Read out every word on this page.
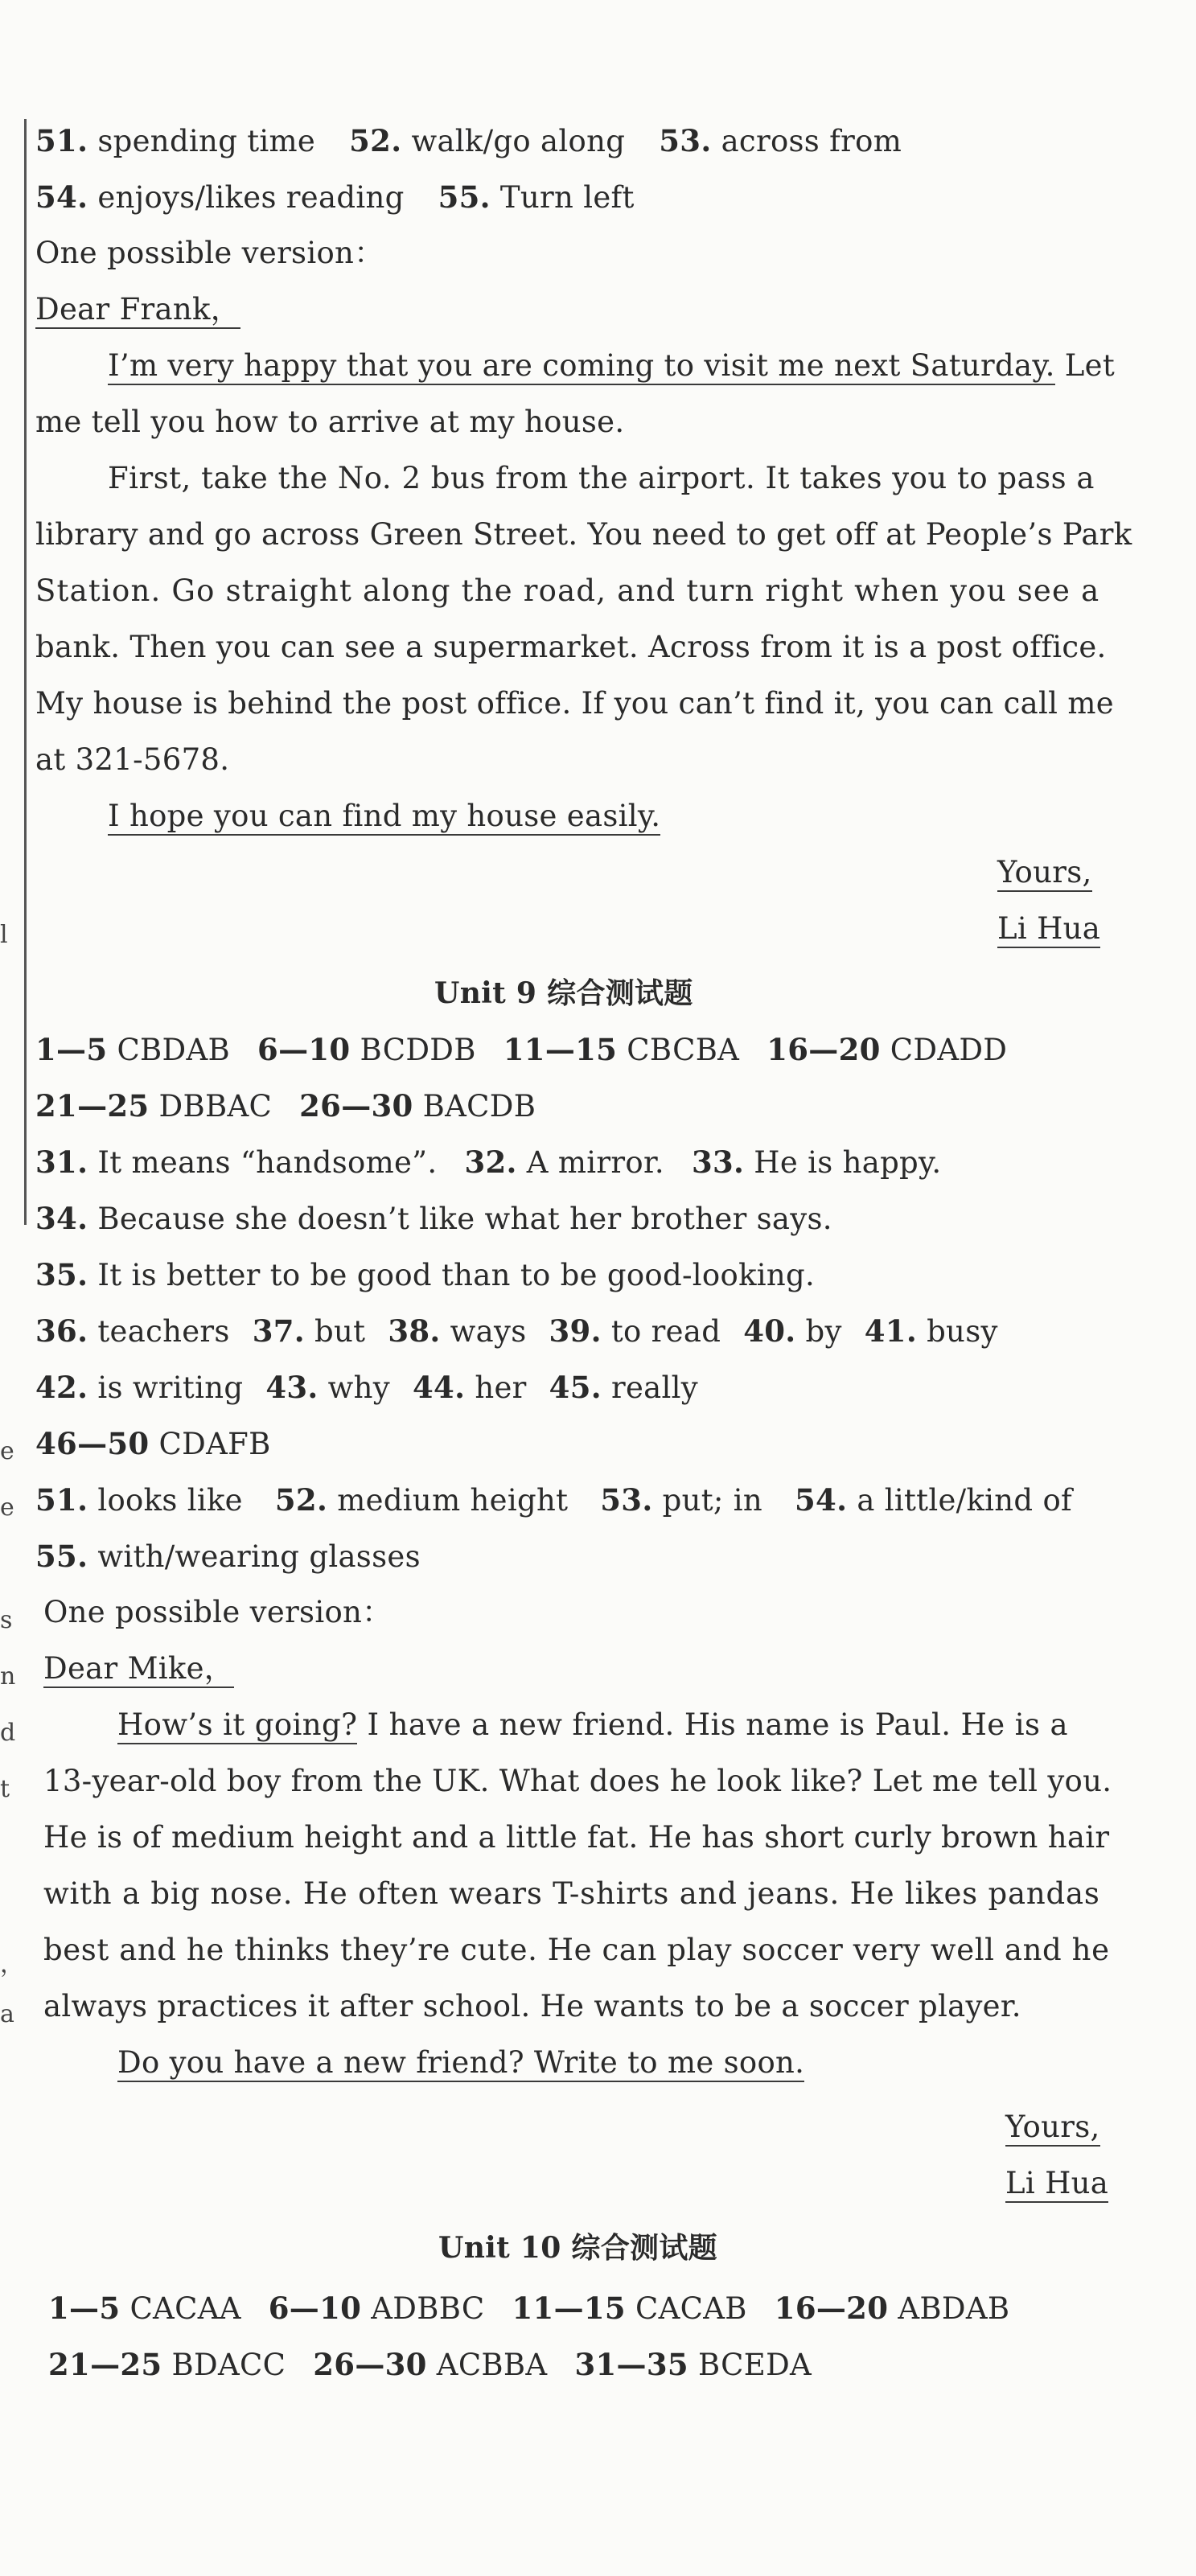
l
e
e
s
n
d
t
，
a
51. spending time 52. walk/go along 53. across from
54. enjoys/likes reading 55. Turn left
One possible version：
Dear Frank，
I’m very happy that you are coming to visit me next Saturday. Let
me tell you how to arrive at my house.
First, take the No. 2 bus from the airport. It takes you to pass a
library and go across Green Street. You need to get off at People’s Park
Station. Go straight along the road, and turn right when you see a
bank. Then you can see a supermarket. Across from it is a post office.
My house is behind the post office. If you can’t find it, you can call me
at 321-5678.
I hope you can find my house easily.
Yours,
Li Hua
Unit 9 综合测试题
1—5 CBDAB 6—10 BCDDB 11—15 CBCBA 16—20 CDADD
21—25 DBBAC 26—30 BACDB
31. It means “handsome”. 32. A mirror. 33. He is happy.
34. Because she doesn’t like what her brother says.
35. It is better to be good than to be good-looking.
36. teachers 37. but 38. ways 39. to read 40. by 41. busy
42. is writing 43. why 44. her 45. really
46—50 CDAFB
51. looks like 52. medium height 53. put; in 54. a little/kind of
55. with/wearing glasses
One possible version：
Dear Mike，
How’s it going? I have a new friend. His name is Paul. He is a
13-year-old boy from the UK. What does he look like? Let me tell you.
He is of medium height and a little fat. He has short curly brown hair
with a big nose. He often wears T-shirts and jeans. He likes pandas
best and he thinks they’re cute. He can play soccer very well and he
always practices it after school. He wants to be a soccer player.
Do you have a new friend? Write to me soon.
Yours,
Li Hua
Unit 10 综合测试题
1—5 CACAA 6—10 ADBBC 11—15 CACAB 16—20 ABDAB
21—25 BDACC 26—30 ACBBA 31—35 BCEDA
